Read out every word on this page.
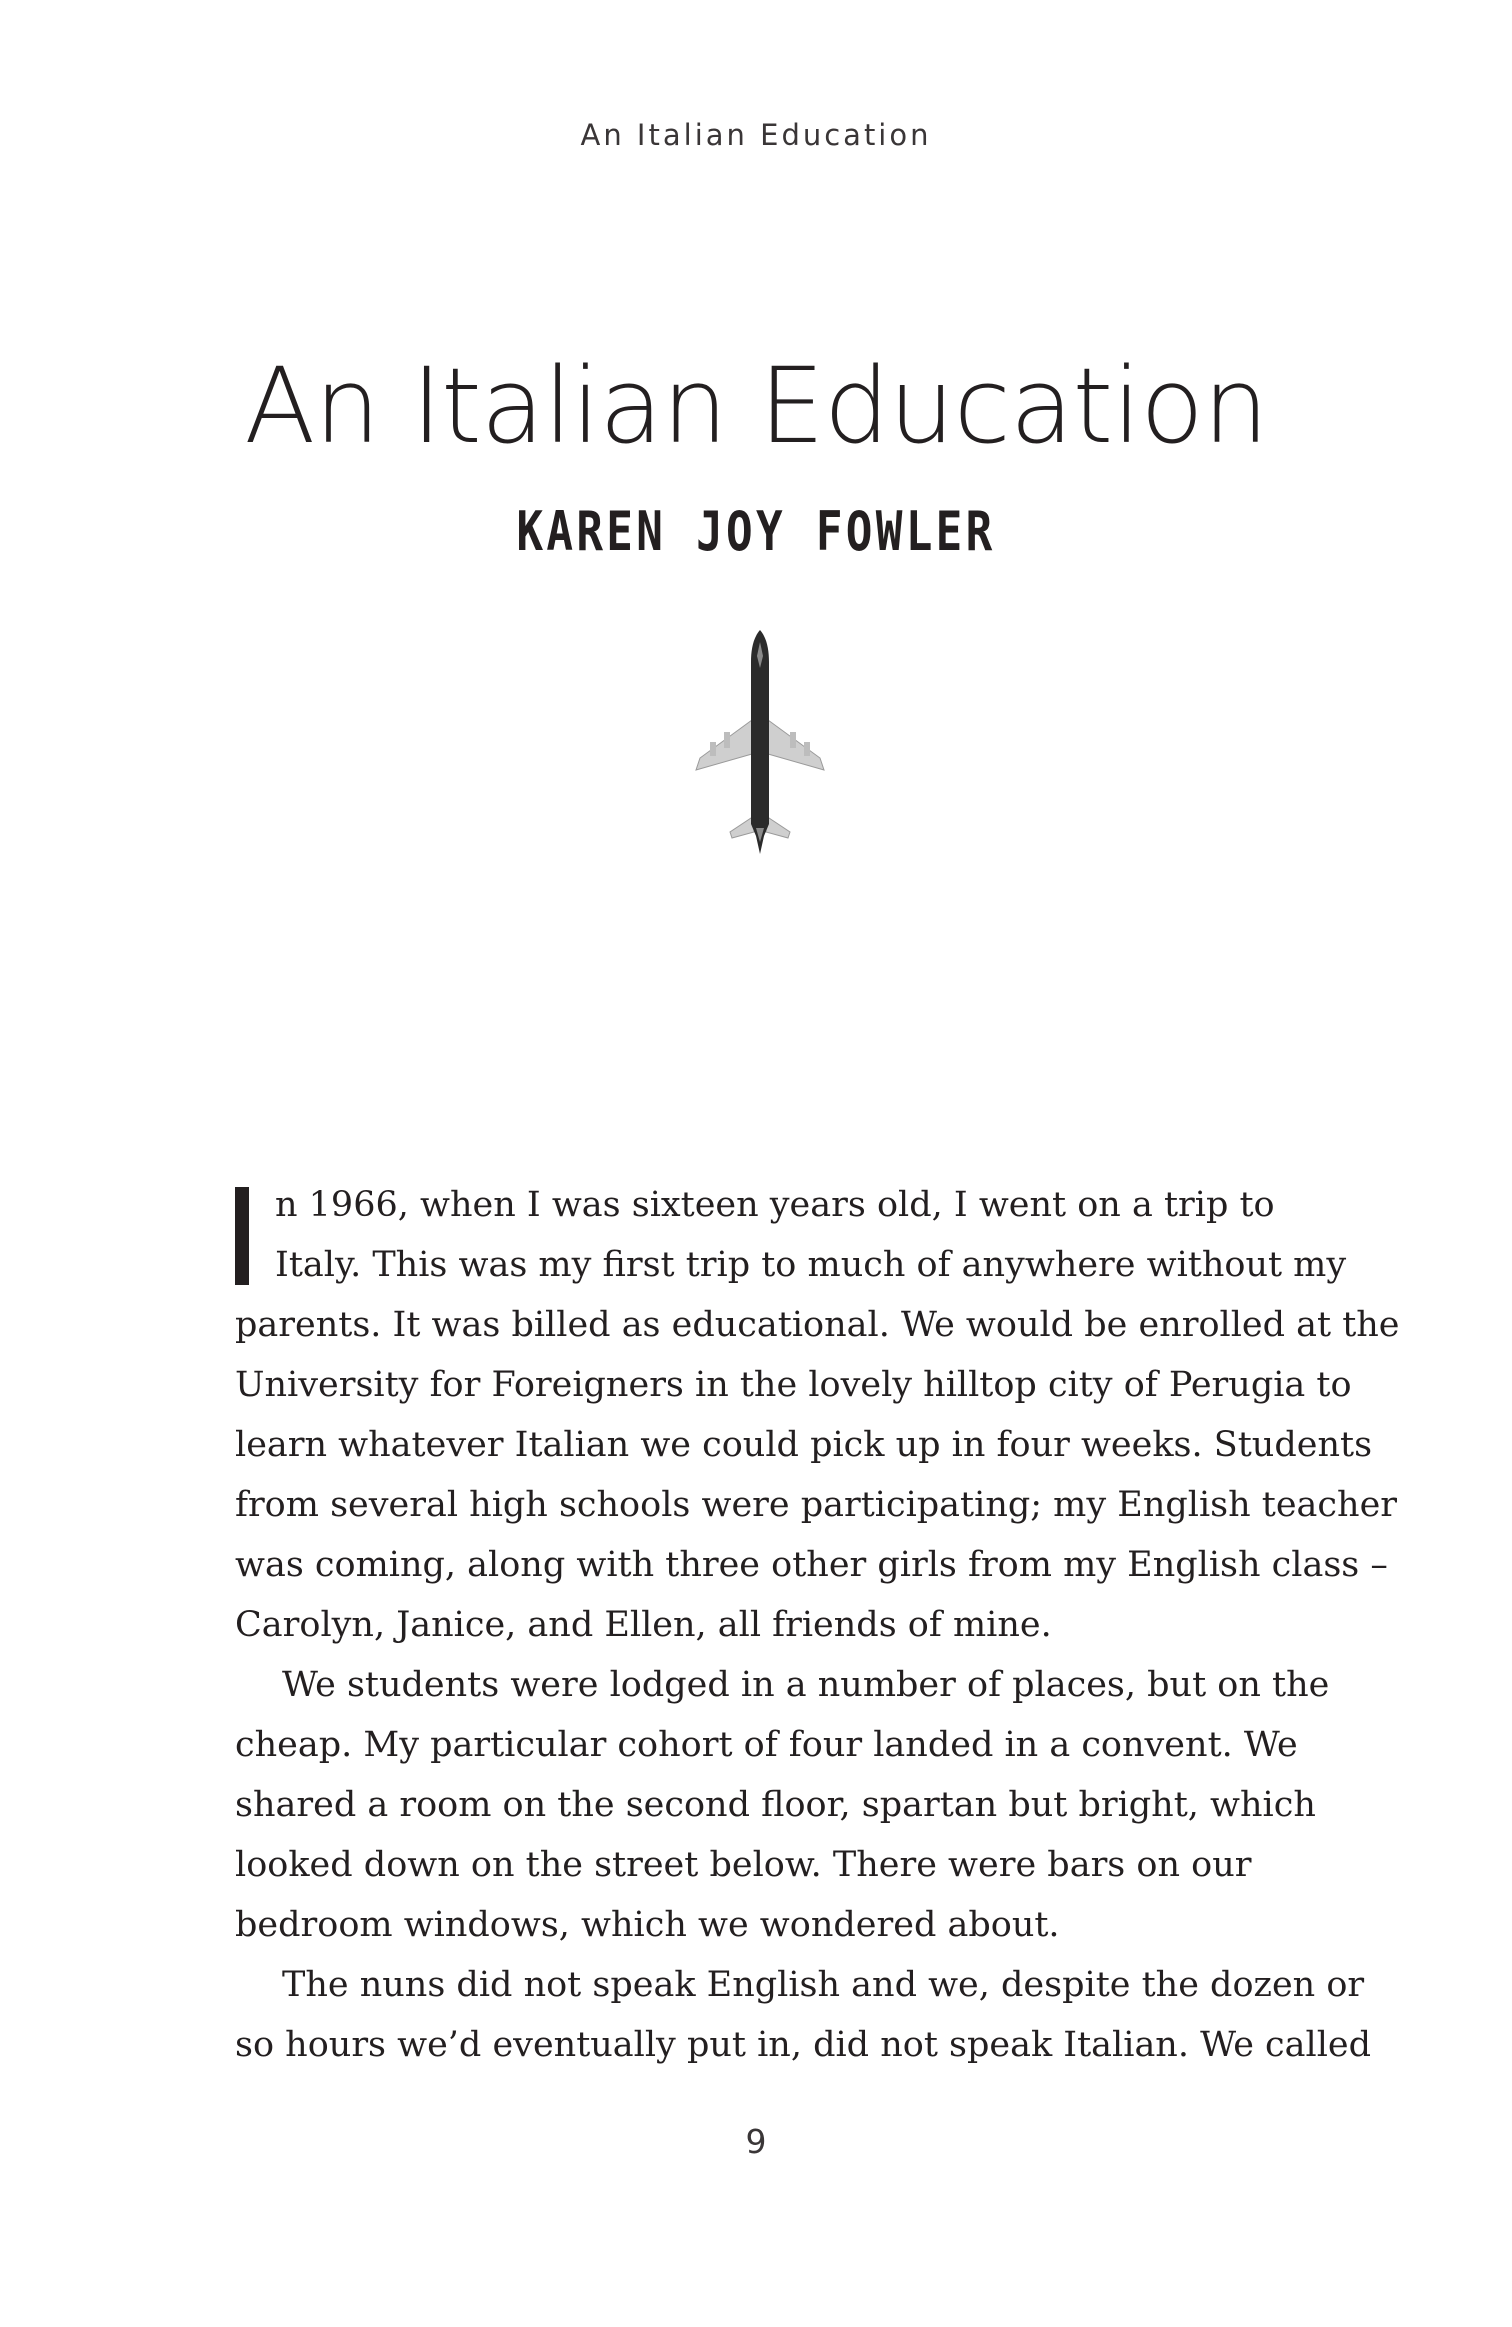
An Italian Education
An Italian Education
KAREN JOY FOWLER
n 1966, when I was sixteen years old, I went on a trip to
Italy. This was my first trip to much of anywhere without my
parents. It was billed as educational. We would be enrolled at the
University for Foreigners in the lovely hilltop city of Perugia to
learn whatever Italian we could pick up in four weeks. Students
from several high schools were participating; my English teacher
was coming, along with three other girls from my English class –
Carolyn, Janice, and Ellen, all friends of mine.
We students were lodged in a number of places, but on the
cheap. My particular cohort of four landed in a convent. We
shared a room on the second floor, spartan but bright, which
looked down on the street below. There were bars on our
bedroom windows, which we wondered about.
The nuns did not speak English and we, despite the dozen or
so hours we’d eventually put in, did not speak Italian. We called
9
